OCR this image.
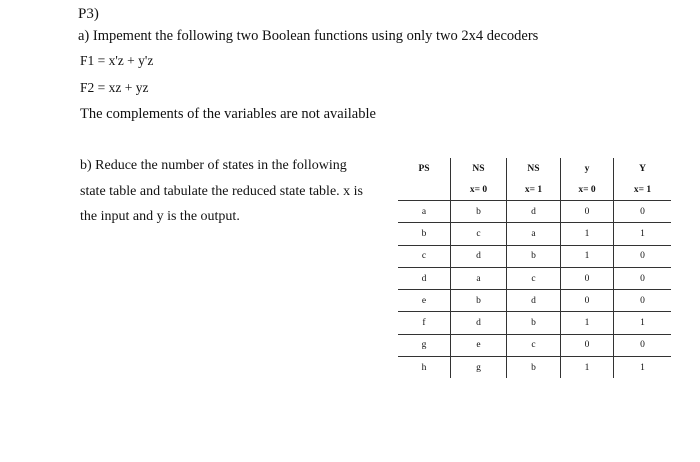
P3)
a) Impement the following two Boolean functions using only two 2x4 decoders
F1 = x'z + y'z
F2 = xz + yz
The complements of the variables are not available
b) Reduce the number of states in the following
state table and tabulate the reduced state table. x is
the input and y is the output.
PS	NS	NS	y	Y
	x= 0	x= 1	x= 0	x= 1
a	b	d	0	0
b	c	a	1	1
c	d	b	1	0
d	a	c	0	0
e	b	d	0	0
f	d	b	1	1
g	e	c	0	0
h	g	b	1	1
